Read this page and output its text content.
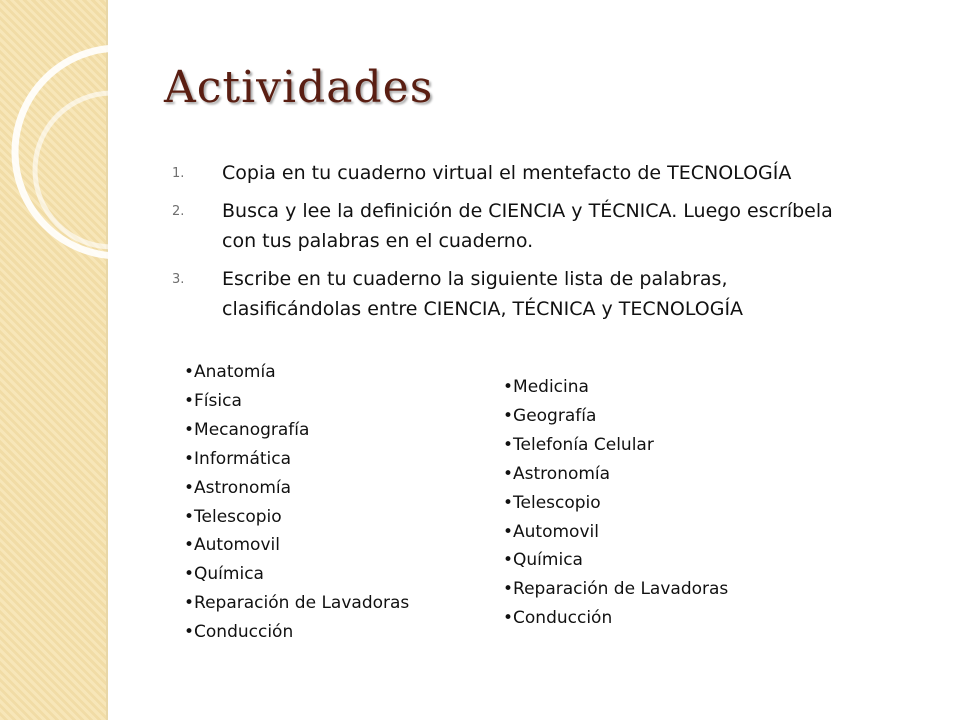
Actividades
1. Copia en tu cuaderno virtual el mentefacto de TECNOLOGÍA
2. Busca y lee la definición de CIENCIA y TÉCNICA. Luego escríbela con tus palabras en el cuaderno.
3. Escribe en tu cuaderno la siguiente lista de palabras, clasificándolas entre CIENCIA, TÉCNICA y TECNOLOGÍA
•Anatomía
•Física
•Mecanografía
•Informática
•Astronomía
•Telescopio
•Automovil
•Química
•Reparación de Lavadoras
•Conducción
•Medicina
•Geografía
•Telefonía Celular
•Astronomía
•Telescopio
•Automovil
•Química
•Reparación de Lavadoras
•Conducción
